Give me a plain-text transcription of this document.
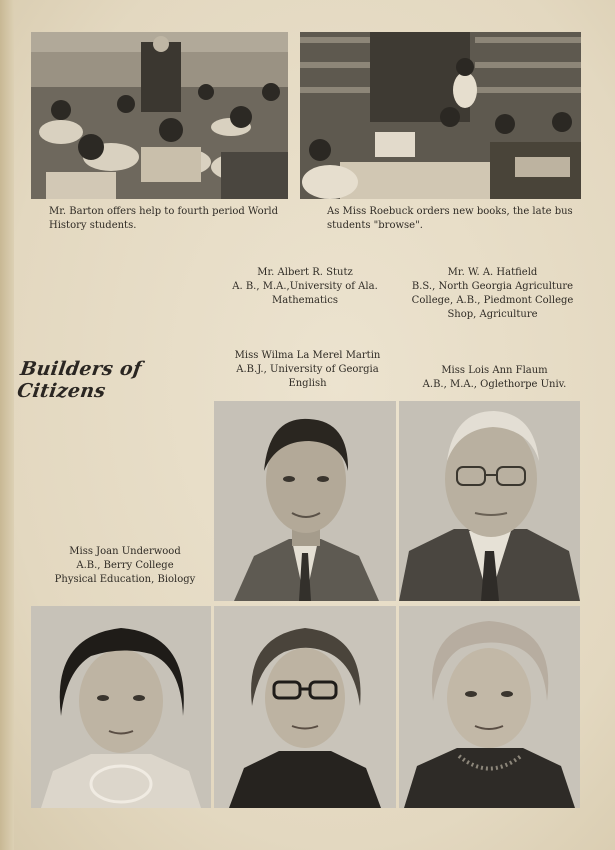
Mr. Barton offers help to fourth period World
History students.
As Miss Roebuck orders new books, the late bus
students "browse".
Mr. Albert R. Stutz
A. B., M.A.,University of Ala.
Mathematics
Mr. W. A. Hatfield
B.S., North Georgia Agriculture
College, A.B., Piedmont College
Shop, Agriculture
Builders of Citizens
Miss Wilma La Merel Martin
A.B.J., University of Georgia
English
Miss Lois Ann Flaum
A.B., M.A., Oglethorpe Univ.
Miss Joan Underwood
A.B., Berry College
Physical Education, Biology
